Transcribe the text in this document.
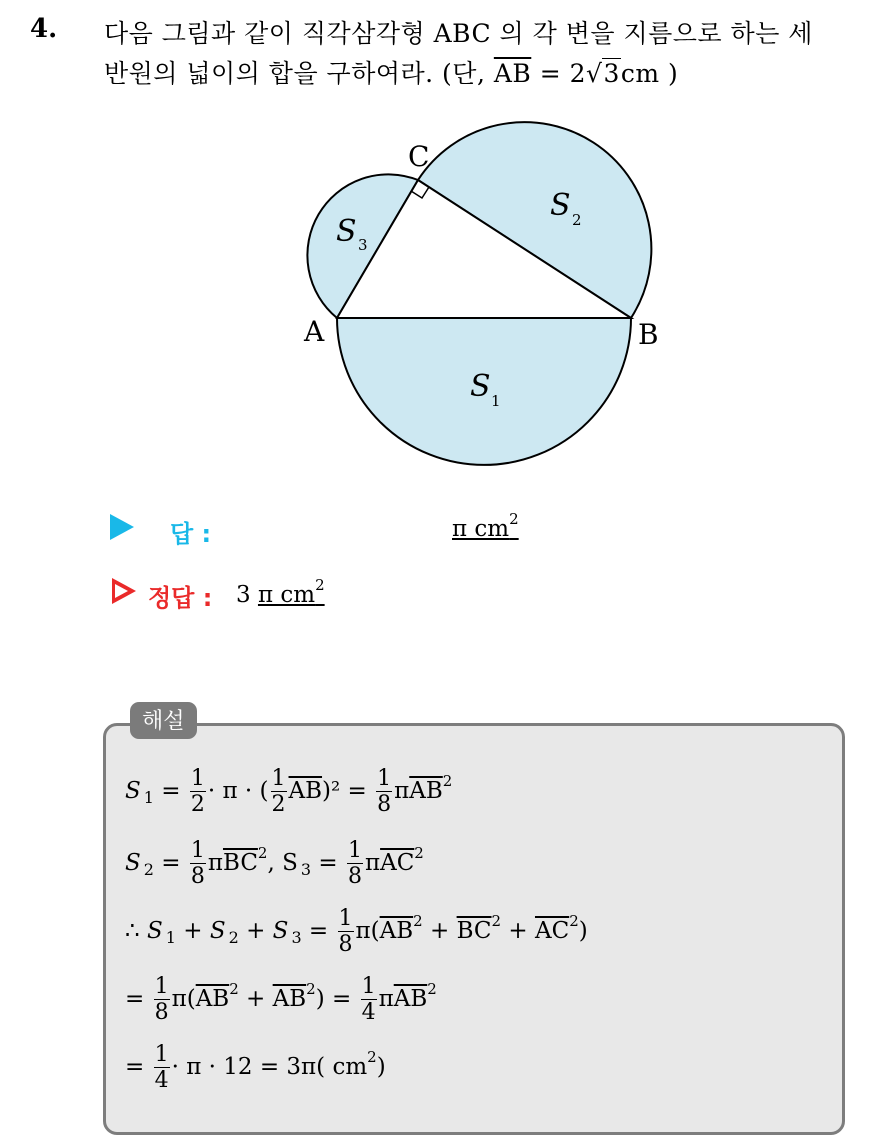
4. 다음 그림과 같이 직각삼각형 ABC 의 각 변을 지름으로 하는 세
반원의 넓이의 합을 구하여라. (단, $\overline{AB} = 2√3cm$ )
C
A	B
S 1
S 2
S 3
답 :	π $cm^2$
정답 : 3 π $cm^2$
해설
S $_1 = \frac{1}{2} \cdot \pi$ · ( $\frac{1}{2} \overline{AB})^2 = \frac{1}{8} \pi\overline{AB}^2$
S $_2 = \frac{1}{8} \pi\overline{BC}^2$, S $_3 = \frac{1}{8} \pi\overline{AC}^2$
∴ S $_1$ + S $_2$ + S $_3 = \frac{1}{8} \pi(\overline{AB}^2 + \overline{BC}^2 + \overline{AC}^2)$
= $\frac{1}{8} \pi(\overline{AB}^2 + \overline{AB}^2) = \frac{1}{4} \pi\overline{AB}^2$
= $\frac{1}{4} \cdot \pi \cdot 12 = 3\pi$( $cm^2$)
